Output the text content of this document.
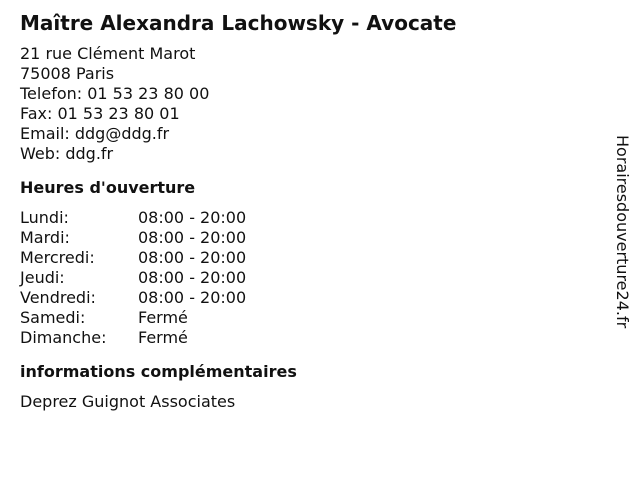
Maître Alexandra Lachowsky - Avocate
21 rue Clément Marot
75008 Paris
Telefon: 01 53 23 80 00
Fax: 01 53 23 80 01
Email: ddg@ddg.fr
Web: ddg.fr
Heures d'ouverture
Lundi:	08:00 - 20:00
Mardi:	08:00 - 20:00
Mercredi:	08:00 - 20:00
Jeudi:	08:00 - 20:00
Vendredi:	08:00 - 20:00
Samedi:	Fermé
Dimanche:	Fermé
informations complémentaires
Deprez Guignot Associates
Horairesdouverture24.fr
